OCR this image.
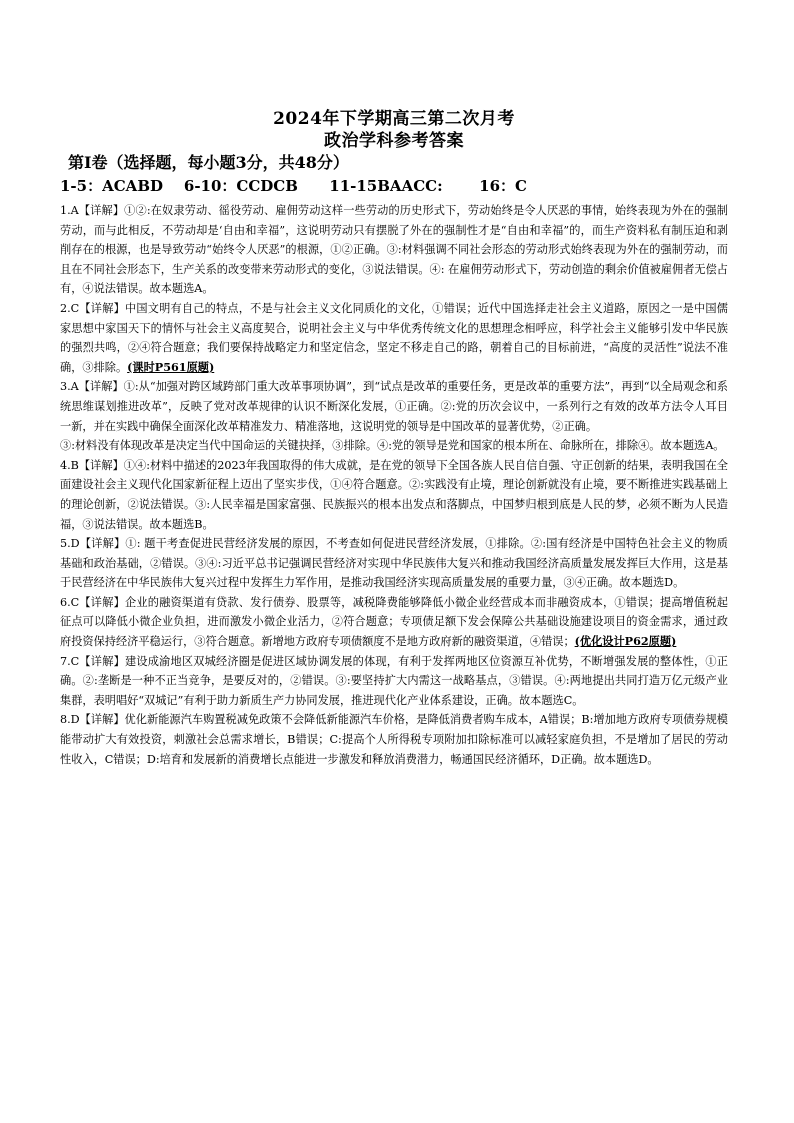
2024年下学期高三第二次月考

政治学科参考答案

第Ⅰ卷（选择题，每小题3分，共48分）

1-5：ACABD    6-10：CCDCB      11-15BAACC:       16：C

1.A【详解】①②:在奴隶劳动、徭役劳动、雇佣劳动这样一些劳动的历史形式下，劳动始终是令人厌恶的事情，始终表现为外在的强制劳动，而与此相反，不劳动却是‘自由和幸福”，这说明劳动只有摆脱了外在的强制性才是“自由和幸福”的，而生产资料私有制压迫和剥削存在的根源，也是导致劳动“始终令人厌恶”的根源，①②正确。③:材料强调不同社会形态的劳动形式始终表现为外在的强制劳动，而且在不同社会形态下，生产关系的改变带来劳动形式的变化，③说法错误。④: 在雇佣劳动形式下，劳动创造的剩余价值被雇佣者无偿占有，④说法错误。故本题选A。

2.C【详解】中国文明有自己的特点，不是与社会主义文化同质化的文化，①错误；近代中国选择走社会主义道路，原因之一是中国儒家思想中家国天下的情怀与社会主义高度契合，说明社会主义与中华优秀传统文化的思想理念相呼应，科学社会主义能够引发中华民族的强烈共鸣，②④符合题意；我们要保持战略定力和坚定信念，坚定不移走自己的路，朝着自己的目标前进，“高度的灵活性”说法不准确，③排除。(课时P561原题)

3.A【详解】①:从“加强对跨区域跨部门重大改革事项协调”，到“试点是改革的重要任务，更是改革的重要方法”，再到“以全局观念和系统思维谋划推进改革”，反映了党对改革规律的认识不断深化发展，①正确。②:党的历次会议中，一系列行之有效的改革方法令人耳目一新，并在实践中确保全面深化改革精准发力、精准落地，这说明党的领导是中国改革的显著优势，②正确。

③:材料没有体现改革是决定当代中国命运的关键抉择，③排除。④:党的领导是党和国家的根本所在、命脉所在，排除④。故本题选A。

4.B【详解】①④:材料中描述的2023年我国取得的伟大成就，是在党的领导下全国各族人民自信自强、守正创新的结果，表明我国在全面建设社会主义现代化国家新征程上迈出了坚实步伐，①④符合题意。②:实践没有止境，理论创新就没有止境，要不断推进实践基础上的理论创新，②说法错误。③:人民幸福是国家富强、民族振兴的根本出发点和落脚点，中国梦归根到底是人民的梦，必须不断为人民造福，③说法错误。故本题选B。

5.D【详解】①: 题干考查促进民营经济发展的原因，不考查如何促进民营经济发展，①排除。②:国有经济是中国特色社会主义的物质基础和政治基础，②错误。③④:习近平总书记强调民营经济对实现中华民族伟大复兴和推动我国经济高质量发展发挥巨大作用，这是基于民营经济在中华民族伟大复兴过程中发挥生力军作用，是推动我国经济实现高质量发展的重要力量，③④正确。故本题选D。

6.C【详解】企业的融资渠道有贷款、发行债券、股票等，减税降费能够降低小微企业经营成本而非融资成本，①错误；提高增值税起征点可以降低小微企业负担，进而激发小微企业活力，②符合题意；专项债足额下发会保障公共基础设施建设项目的资金需求，通过政府投资保持经济平稳运行，③符合题意。新增地方政府专项债额度不是地方政府新的融资渠道，④错误；(优化设计P62原题)

7.C【详解】建设成渝地区双城经济圈是促进区域协调发展的体现，有利于发挥两地区位资源互补优势，不断增强发展的整体性，①正 确。②:垄断是一种不正当竞争，是要反对的，②错误。③:要坚持扩大内需这一战略基点，③错误。④:两地提出共同打造万亿元级产业集群，表明唱好“双城记”有利于助力新质生产力协同发展，推进现代化产业体系建设，正确。故本题选C。

8.D【详解】优化新能源汽车购置税减免政策不会降低新能源汽车价格，是降低消费者购车成本，A错误；B:增加地方政府专项债券规模能带动扩大有效投资，刺激社会总需求增长，B错误；C:提高个人所得税专项附加扣除标准可以减轻家庭负担，不是增加了居民的劳动性收入，C错误；D:培育和发展新的消费增长点能进一步激发和释放消费潜力，畅通国民经济循环，D正确。故本题选D。
